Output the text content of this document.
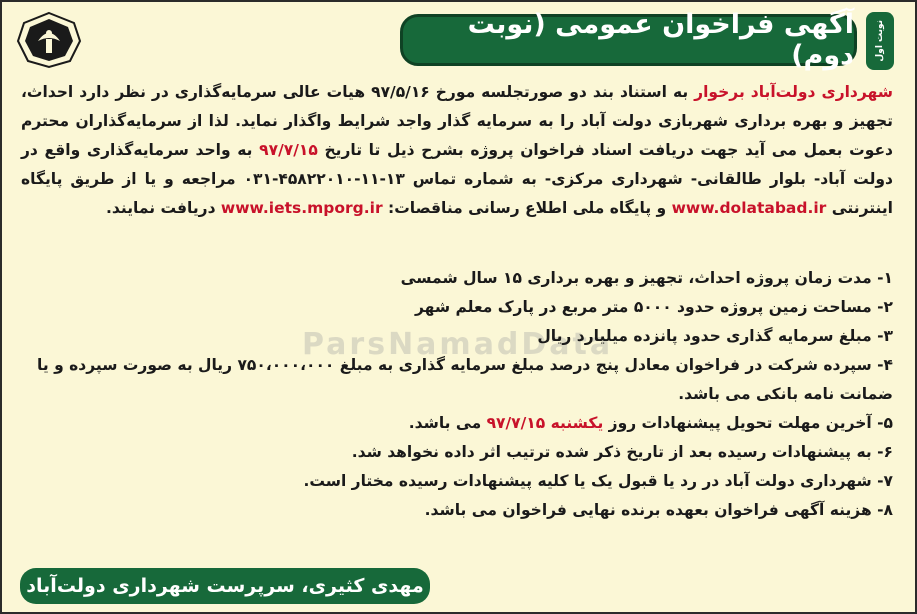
ParsNamadData
آگهی فراخوان عمومی (نوبت دوم) نوبت اول

شهرداری دولت‌آباد برخوار به استناد بند دو صورتجلسه مورخ ۹۷/۵/۱۶ هیات عالی سرمایه‌گذاری در نظر دارد احداث، تجهیز و بهره برداری شهربازی دولت آباد را به سرمایه گذار واجد شرایط واگذار نماید. لذا از سرمایه‌گذاران محترم دعوت بعمل می آید جهت دریافت اسناد فراخوان پروژه بشرح ذیل تا تاریخ ۹۷/۷/۱۵ به واحد سرمایه‌گذاری واقع در دولت آباد- بلوار طالقانی- شهرداری مرکزی- به شماره تماس ۱۳-۱۱-۴۵۸۲۲۰۱۰-۰۳۱ مراجعه و یا از طریق پایگاه اینترنتی www.dolatabad.ir و پایگاه ملی اطلاع رسانی مناقصات: www.iets.mporg.ir دریافت نمایند.

۱- مدت زمان پروژه احداث، تجهیز و بهره برداری ۱۵ سال شمسی
۲- مساحت زمین پروژه حدود ۵۰۰۰ متر مربع در پارک معلم شهر
۳- مبلغ سرمایه گذاری حدود پانزده میلیارد ریال
۴- سپرده شرکت در فراخوان معادل پنج درصد مبلغ سرمایه گذاری به مبلغ ۷۵۰،۰۰۰،۰۰۰ ریال به صورت سپرده و یا ضمانت نامه بانکی می باشد.
۵- آخرین مهلت تحویل پیشنهادات روز یکشنبه ۹۷/۷/۱۵ می باشد.
۶- به پیشنهادات رسیده بعد از تاریخ ذکر شده ترتیب اثر داده نخواهد شد.
۷- شهرداری دولت آباد در رد یا قبول یک یا کلیه پیشنهادات رسیده مختار است.
۸- هزینه آگهی فراخوان بعهده برنده نهایی فراخوان می باشد.
مهدی کثیری، سرپرست شهرداری دولت‌آباد
